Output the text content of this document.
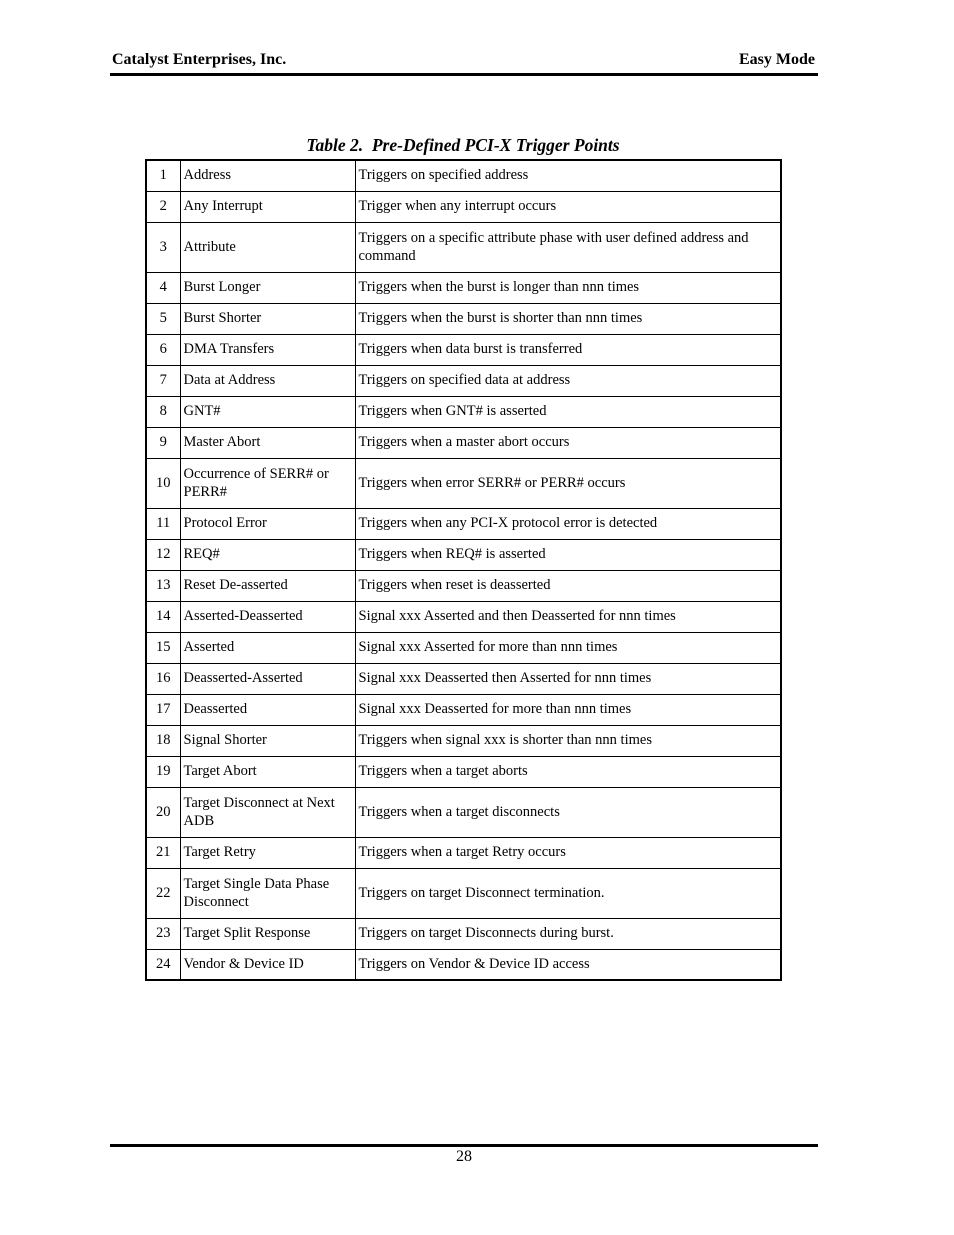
Catalyst Enterprises, Inc.	Easy Mode
Table 2.  Pre-Defined PCI-X Trigger Points
1	Address	Triggers on specified address
2	Any Interrupt	Trigger when any interrupt occurs
3	Attribute	Triggers on a specific attribute phase with user defined address and command
4	Burst Longer	Triggers when the burst is longer than nnn times
5	Burst Shorter	Triggers when the burst is shorter than nnn times
6	DMA Transfers	Triggers when data burst is transferred
7	Data at Address	Triggers on specified data at address
8	GNT#	Triggers when GNT# is asserted
9	Master Abort	Triggers when a master abort occurs
10	Occurrence of SERR# or PERR#	Triggers when error SERR# or PERR# occurs
11	Protocol Error	Triggers when any PCI-X protocol error is detected
12	REQ#	Triggers when REQ# is asserted
13	Reset De-asserted	Triggers when reset is deasserted
14	Asserted-Deasserted	Signal xxx Asserted and then Deasserted for nnn times
15	Asserted	Signal xxx Asserted for more than nnn times
16	Deasserted-Asserted	Signal xxx Deasserted then Asserted for nnn times
17	Deasserted	Signal xxx Deasserted for more than nnn times
18	Signal Shorter	Triggers when signal xxx is shorter than nnn times
19	Target Abort	Triggers when a target aborts
20	Target Disconnect at Next ADB	Triggers when a target disconnects
21	Target Retry	Triggers when a target Retry occurs
22	Target Single Data Phase Disconnect	Triggers on target Disconnect termination.
23	Target Split Response	Triggers on target Disconnects during burst.
24	Vendor & Device ID	Triggers on Vendor & Device ID access
28
